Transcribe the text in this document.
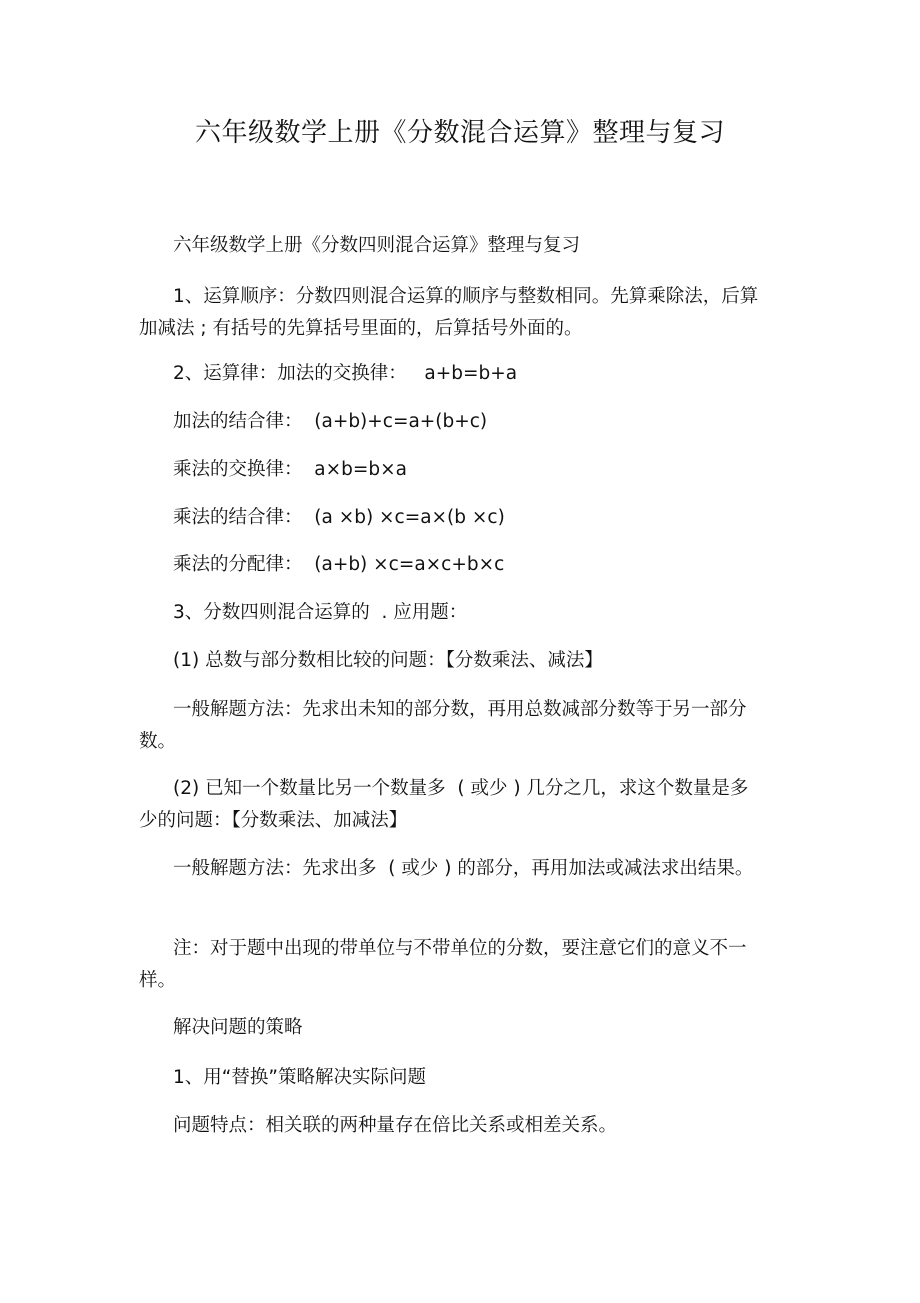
六年级数学上册《分数混合运算》整理与复习

六年级数学上册《分数四则混合运算》整理与复习

1、运算顺序：分数四则混合运算的顺序与整数相同。先算乘除法，后算加减法 ; 有括号的先算括号里面的，后算括号外面的。

2、运算律：加法的交换律：   a+b=b+a

加法的结合律：  (a+b)+c=a+(b+c)

乘法的交换律：  a×b=b×a

乘法的结合律：  (a ×b) ×c=a×(b ×c)

乘法的分配律：  (a+b) ×c=a×c+b×c

3、分数四则混合运算的  . 应用题：

(1) 总数与部分数相比较的问题：【分数乘法、减法】

一般解题方法：先求出未知的部分数，再用总数减部分数等于另一部分数。

(2) 已知一个数量比另一个数量多  ( 或少 ) 几分之几，求这个数量是多少的问题：【分数乘法、加减法】

一般解题方法：先求出多  ( 或少 ) 的部分，再用加法或减法求出结果。

注：对于题中出现的带单位与不带单位的分数，要注意它们的意义不一样。

解决问题的策略

1、用“替换”策略解决实际问题

问题特点：相关联的两种量存在倍比关系或相差关系。
